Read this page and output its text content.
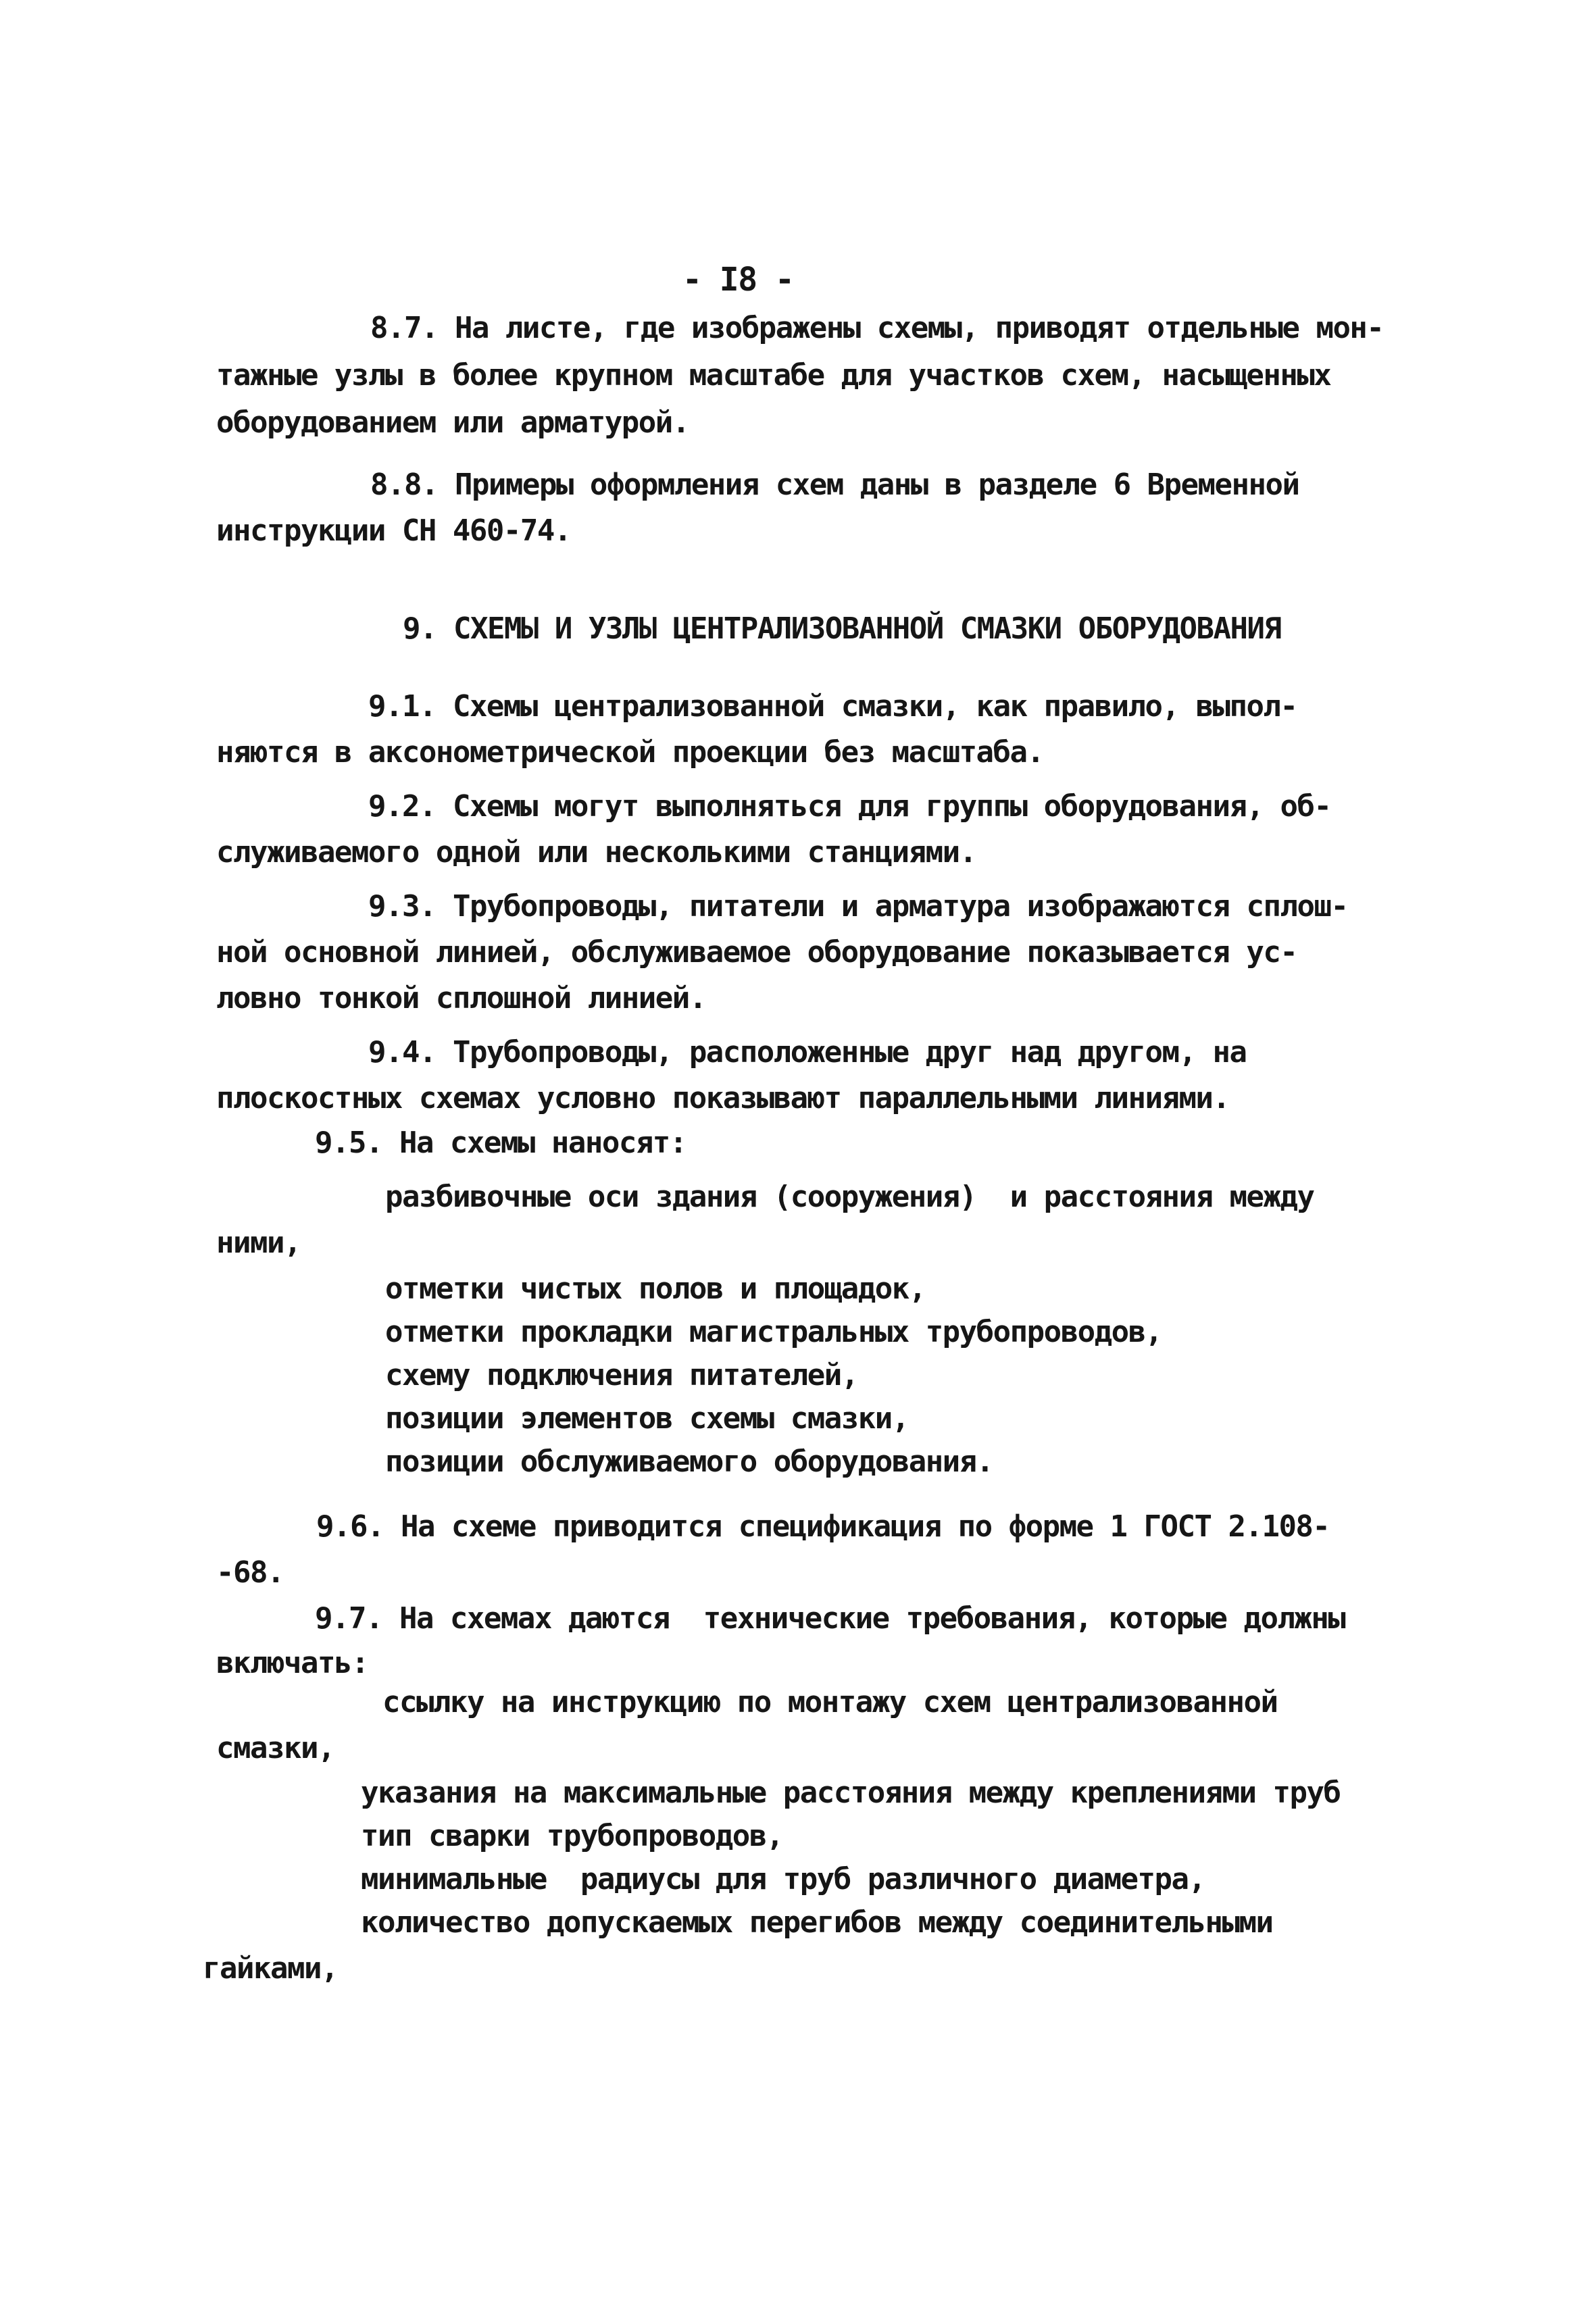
- I8 -

8.7. На листе, где изображены схемы, приводят отдельные мон-

тажные узлы в более крупном масштабе для участков схем, насыщенных

оборудованием или арматурой.

8.8. Примеры оформления схем даны в разделе 6 Временной

инструкции СН 460-74.

9. СХЕМЫ И УЗЛЫ ЦЕНТРАЛИЗОВАННОЙ СМАЗКИ ОБОРУДОВАНИЯ

9.1. Схемы централизованной смазки, как правило, выпол-

няются в аксонометрической проекции без масштаба.

9.2. Схемы могут выполняться для группы оборудования, об-

служиваемого одной или несколькими станциями.

9.3. Трубопроводы, питатели и арматура изображаются сплош-

ной основной линией, обслуживаемое оборудование показывается ус-

ловно тонкой сплошной линией.

9.4. Трубопроводы, расположенные друг над другом, на

плоскостных схемах условно показывают параллельными линиями.

9.5. На схемы наносят:

разбивочные оси здания (сооружения)  и расстояния между

ними,

отметки чистых полов и площадок,

отметки прокладки магистральных трубопроводов,

схему подключения питателей,

позиции элементов схемы смазки,

позиции обслуживаемого оборудования.

9.6. На схеме приводится спецификация по форме 1 ГОСТ 2.108-

-68.

9.7. На схемах даются  технические требования, которые должны

включать:

ссылку на инструкцию по монтажу схем централизованной

смазки,

указания на максимальные расстояния между креплениями труб

тип сварки трубопроводов,

минимальные  радиусы для труб различного диаметра,

количество допускаемых перегибов между соединительными

гайками,
